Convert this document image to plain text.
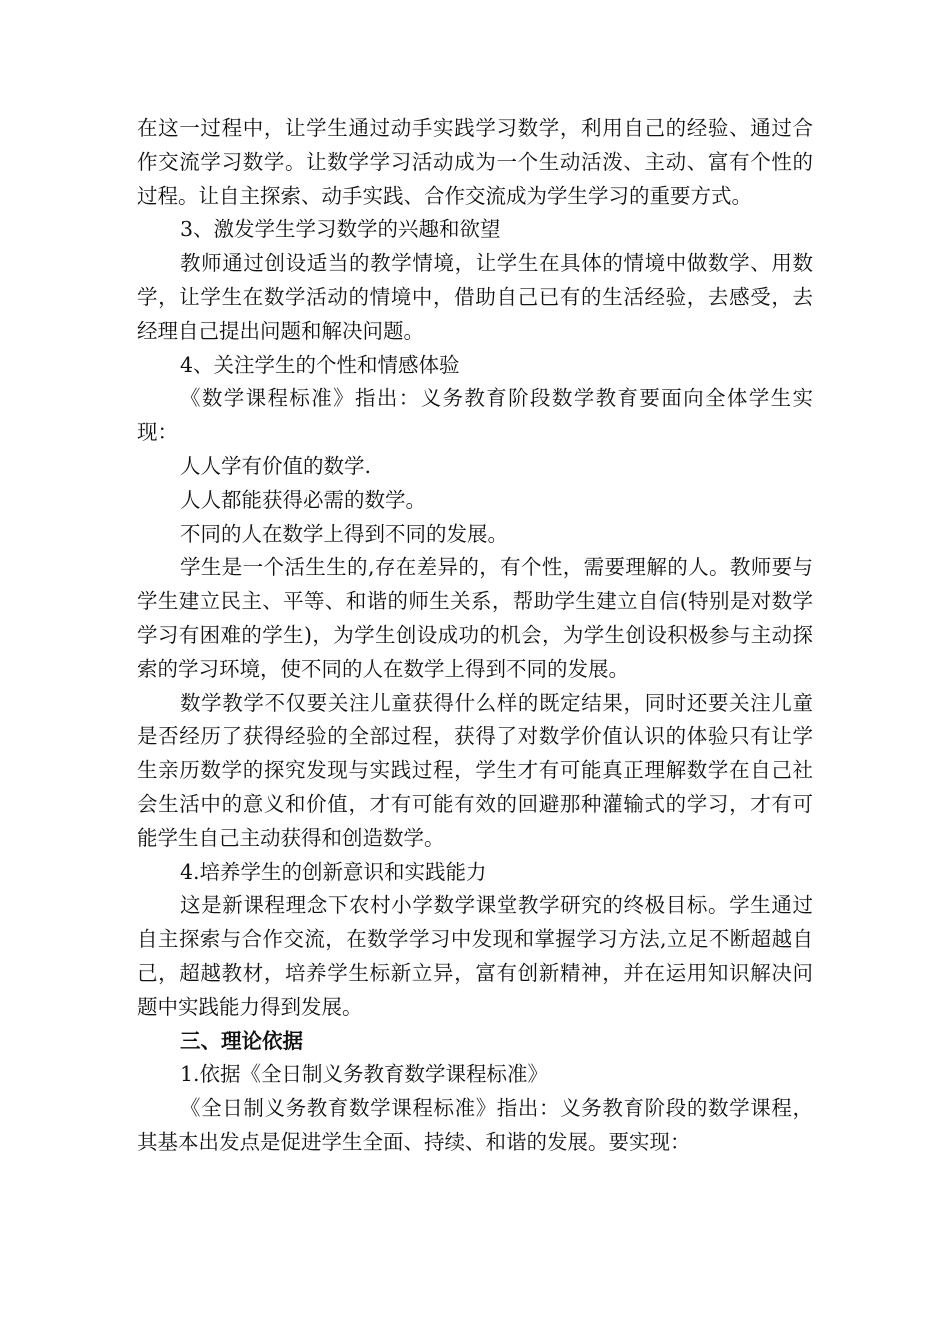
在这一过程中，让学生通过动手实践学习数学，利用自己的经验、通过合作交流学习数学。让数学学习活动成为一个生动活泼、主动、富有个性的过程。让自主探索、动手实践、合作交流成为学生学习的重要方式。

3、激发学生学习数学的兴趣和欲望

教师通过创设适当的教学情境，让学生在具体的情境中做数学、用数学，让学生在数学活动的情境中，借助自己已有的生活经验，去感受，去经理自己提出问题和解决问题。

4、关注学生的个性和情感体验

《数学课程标准》指出：义务教育阶段数学教育要面向全体学生实现：

人人学有价值的数学.

人人都能获得必需的数学。

不同的人在数学上得到不同的发展。

学生是一个活生生的,存在差异的，有个性，需要理解的人。教师要与学生建立民主、平等、和谐的师生关系，帮助学生建立自信(特别是对数学学习有困难的学生)，为学生创设成功的机会，为学生创设积极参与主动探索的学习环境，使不同的人在数学上得到不同的发展。

数学教学不仅要关注儿童获得什么样的既定结果，同时还要关注儿童是否经历了获得经验的全部过程，获得了对数学价值认识的体验只有让学生亲历数学的探究发现与实践过程，学生才有可能真正理解数学在自己社会生活中的意义和价值，才有可能有效的回避那种灌输式的学习，才有可能学生自己主动获得和创造数学。

4.培养学生的创新意识和实践能力

这是新课程理念下农村小学数学课堂教学研究的终极目标。学生通过自主探索与合作交流，在数学学习中发现和掌握学习方法,立足不断超越自己，超越教材，培养学生标新立异，富有创新精神，并在运用知识解决问题中实践能力得到发展。

三、理论依据

1.依据《全日制义务教育数学课程标准》

《全日制义务教育数学课程标准》指出：义务教育阶段的数学课程，其基本出发点是促进学生全面、持续、和谐的发展。要实现：
